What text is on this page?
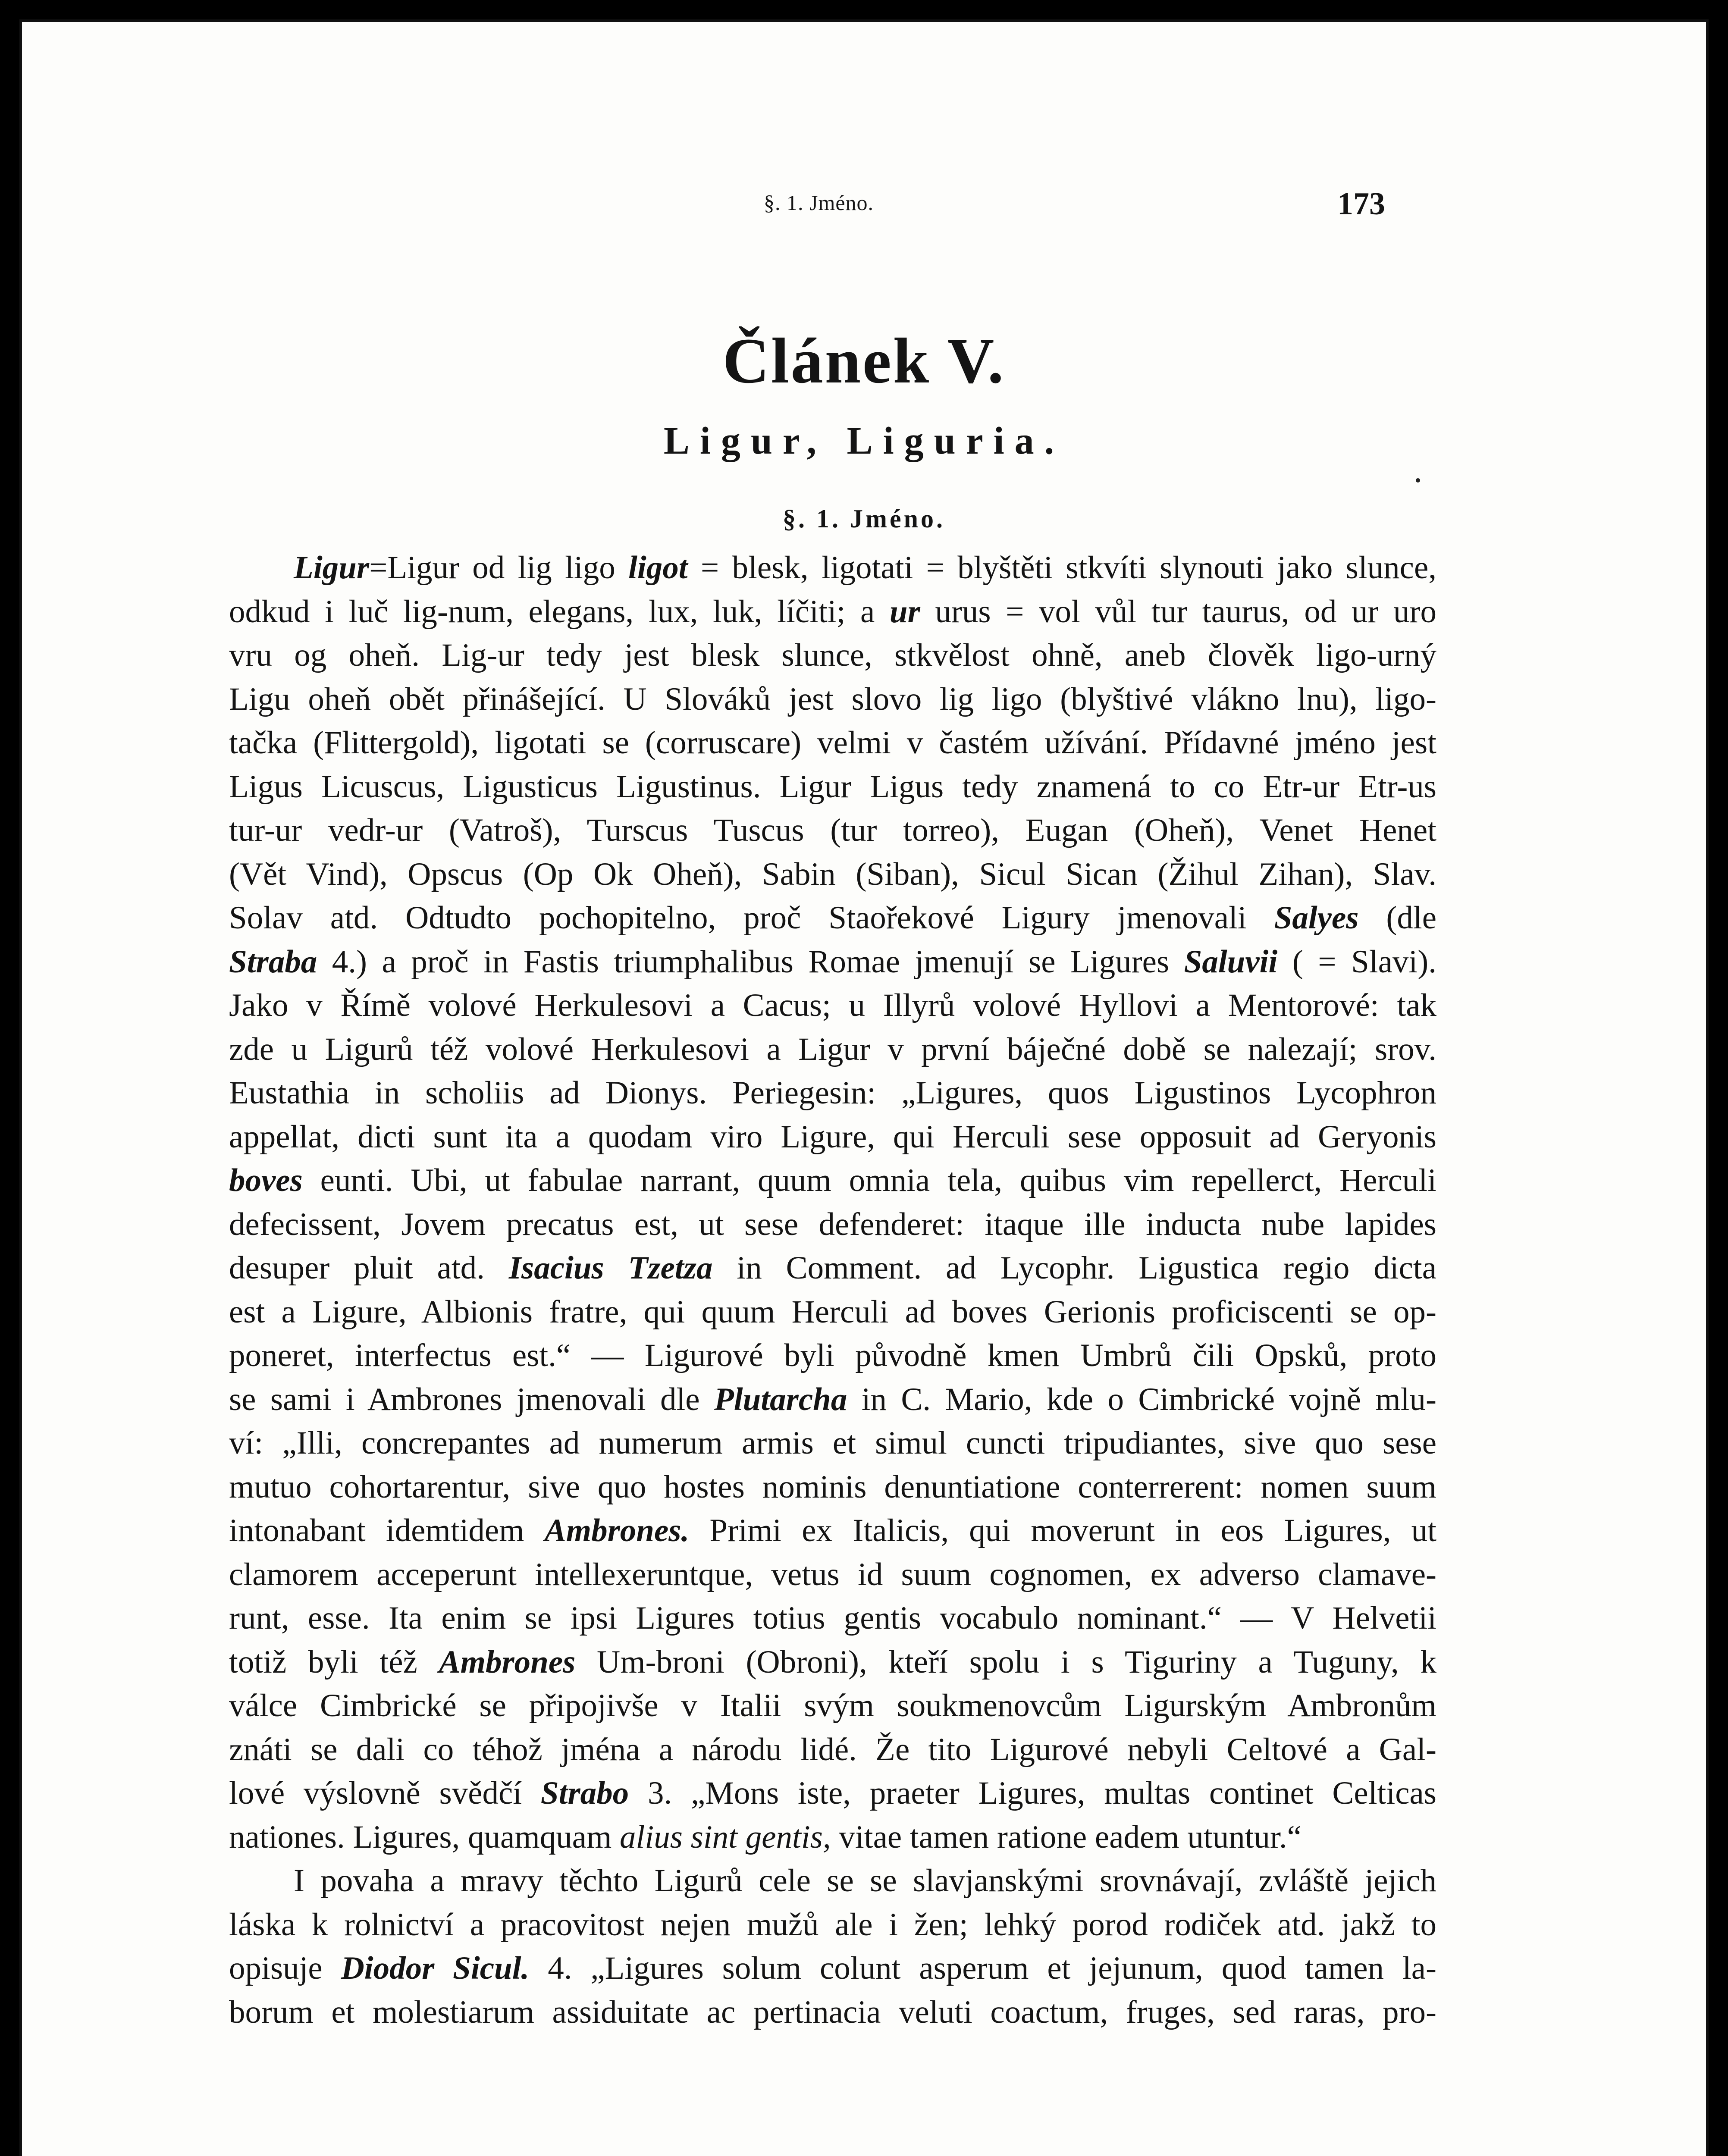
§. 1. Jméno.	173
Článek V.
Ligur, Liguria.
§. 1. Jméno.
Ligur=Ligur od lig ligo ligot = blesk, ligotati = blyštěti stkvíti slynouti jako slunce,
odkud i luč lig-num, elegans, lux, luk, líčiti; a ur urus = vol vůl tur taurus, od ur uro
vru og oheň. Lig-ur tedy jest blesk slunce, stkvělost ohně, aneb člověk ligo-urný
Ligu oheň obět přinášející. U Slováků jest slovo lig ligo (blyštivé vlákno lnu), ligo-
tačka (Flittergold), ligotati se (corruscare) velmi v častém užívání. Přídavné jméno jest
Ligus Licuscus, Ligusticus Ligustinus. Ligur Ligus tedy znamená to co Etr-ur Etr-us
tur-ur vedr-ur (Vatroš), Turscus Tuscus (tur torreo), Eugan (Oheň), Venet Henet
(Vět Vind), Opscus (Op Ok Oheň), Sabin (Siban), Sicul Sican (Žihul Zihan), Slav.
Solav atd. Odtudto pochopitelno, proč Staořekové Ligury jmenovali Salyes (dle
Straba 4.) a proč in Fastis triumphalibus Romae jmenují se Ligures Saluvii ( = Slavi).
Jako v Římě volové Herkulesovi a Cacus; u Illyrů volové Hyllovi a Mentorové: tak
zde u Ligurů též volové Herkulesovi a Ligur v první báječné době se nalezají; srov.
Eustathia in scholiis ad Dionys. Periegesin: „Ligures, quos Ligustinos Lycophron
appellat, dicti sunt ita a quodam viro Ligure, qui Herculi sese opposuit ad Geryonis
boves eunti. Ubi, ut fabulae narrant, quum omnia tela, quibus vim repellerct, Herculi
defecissent, Jovem precatus est, ut sese defenderet: itaque ille inducta nube lapides
desuper pluit atd. Isacius Tzetza in Comment. ad Lycophr. Ligustica regio dicta
est a Ligure, Albionis fratre, qui quum Herculi ad boves Gerionis proficiscenti se op-
poneret, interfectus est.“ — Ligurové byli původně kmen Umbrů čili Opsků, proto
se sami i Ambrones jmenovali dle Plutarcha in C. Mario, kde o Cimbrické vojně mlu-
ví: „Illi, concrepantes ad numerum armis et simul cuncti tripudiantes, sive quo sese
mutuo cohortarentur, sive quo hostes nominis denuntiatione conterrerent: nomen suum
intonabant idemtidem Ambrones. Primi ex Italicis, qui moverunt in eos Ligures, ut
clamorem acceperunt intellexeruntque, vetus id suum cognomen, ex adverso clamave-
runt, esse. Ita enim se ipsi Ligures totius gentis vocabulo nominant.“ — V Helvetii
totiž byli též Ambrones Um-broni (Obroni), kteří spolu i s Tiguriny a Tuguny, k
válce Cimbrické se připojivše v Italii svým soukmenovcům Ligurským Ambronům
znáti se dali co téhož jména a národu lidé. Že tito Ligurové nebyli Celtové a Gal-
lové výslovně svědčí Strabo 3. „Mons iste, praeter Ligures, multas continet Celticas
nationes. Ligures, quamquam alius sint gentis, vitae tamen ratione eadem utuntur.“
I povaha a mravy těchto Ligurů cele se se slavjanskými srovnávají, zvláště jejich
láska k rolnictví a pracovitost nejen mužů ale i žen; lehký porod rodiček atd. jakž to
opisuje Diodor Sicul. 4. „Ligures solum colunt asperum et jejunum, quod tamen la-
borum et molestiarum assiduitate ac pertinacia veluti coactum, fruges, sed raras, pro-
